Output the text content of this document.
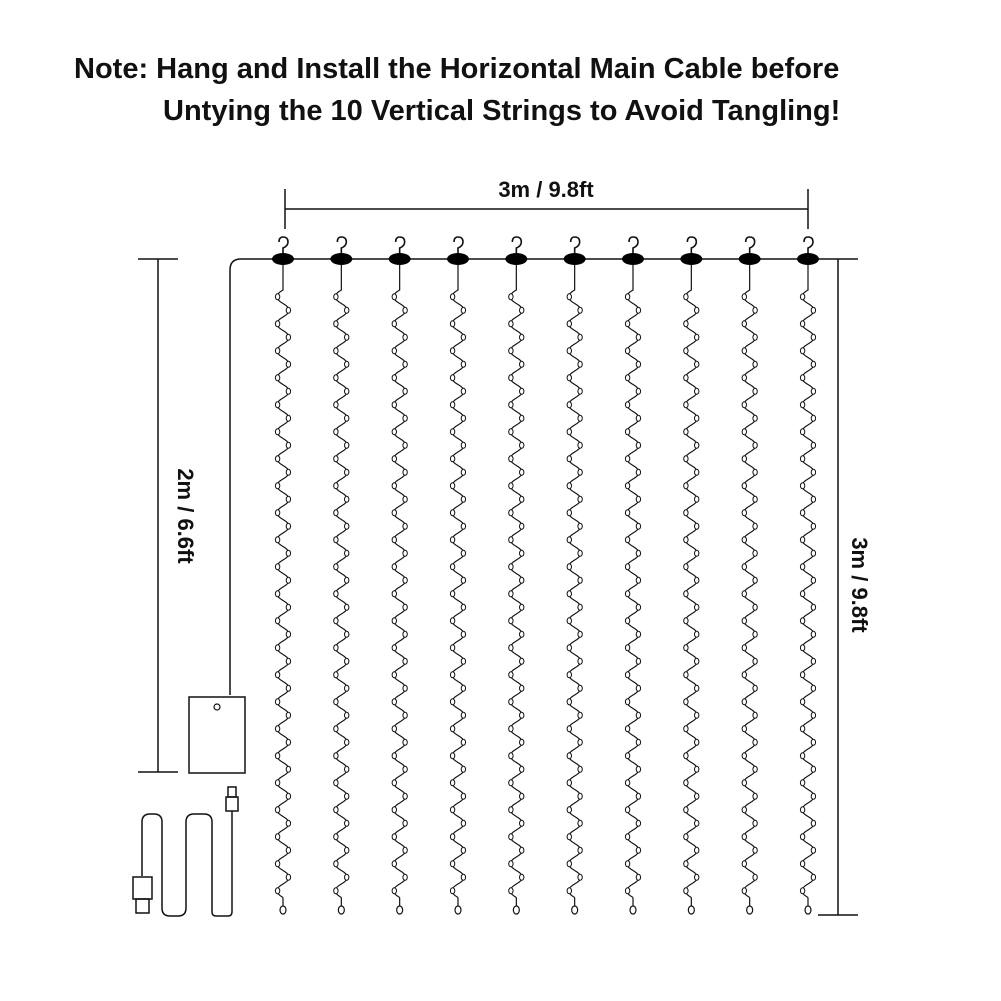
Note: Hang and Install the Horizontal Main Cable before
Untying the 10 Vertical Strings to Avoid Tangling!
3m / 9.8ft
2m / 6.6ft
3m / 9.8ft
